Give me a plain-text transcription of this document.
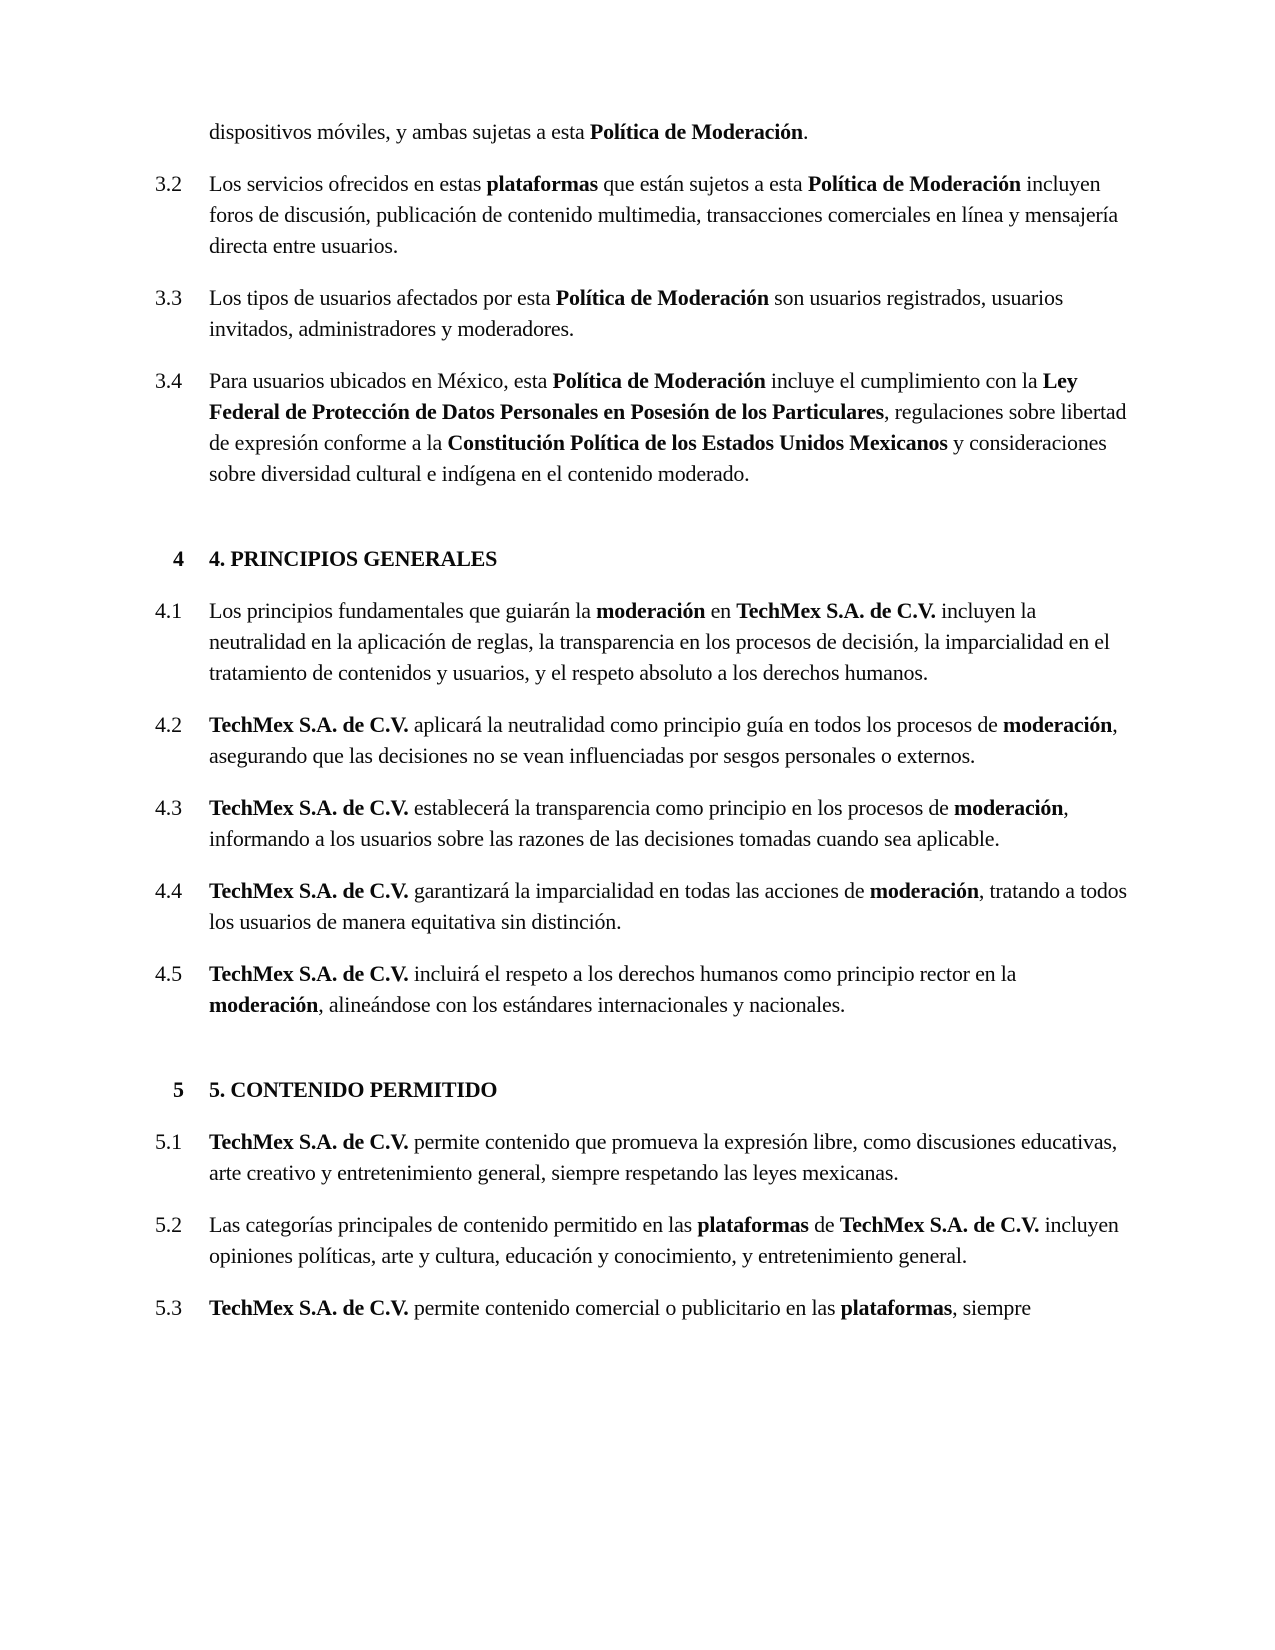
dispositivos móviles, y ambas sujetas a esta Política de Moderación.
3.2	Los servicios ofrecidos en estas plataformas que están sujetos a esta Política de Moderación incluyen foros de discusión, publicación de contenido multimedia, transacciones comerciales en línea y mensajería directa entre usuarios.
3.3	Los tipos de usuarios afectados por esta Política de Moderación son usuarios registrados, usuarios invitados, administradores y moderadores.
3.4	Para usuarios ubicados en México, esta Política de Moderación incluye el cumplimiento con la Ley Federal de Protección de Datos Personales en Posesión de los Particulares, regulaciones sobre libertad de expresión conforme a la Constitución Política de los Estados Unidos Mexicanos y consideraciones sobre diversidad cultural e indígena en el contenido moderado.
4	4. PRINCIPIOS GENERALES
4.1	Los principios fundamentales que guiarán la moderación en TechMex S.A. de C.V. incluyen la neutralidad en la aplicación de reglas, la transparencia en los procesos de decisión, la imparcialidad en el tratamiento de contenidos y usuarios, y el respeto absoluto a los derechos humanos.
4.2	TechMex S.A. de C.V. aplicará la neutralidad como principio guía en todos los procesos de moderación, asegurando que las decisiones no se vean influenciadas por sesgos personales o externos.
4.3	TechMex S.A. de C.V. establecerá la transparencia como principio en los procesos de moderación, informando a los usuarios sobre las razones de las decisiones tomadas cuando sea aplicable.
4.4	TechMex S.A. de C.V. garantizará la imparcialidad en todas las acciones de moderación, tratando a todos los usuarios de manera equitativa sin distinción.
4.5	TechMex S.A. de C.V. incluirá el respeto a los derechos humanos como principio rector en la moderación, alineándose con los estándares internacionales y nacionales.
5	5. CONTENIDO PERMITIDO
5.1	TechMex S.A. de C.V. permite contenido que promueva la expresión libre, como discusiones educativas, arte creativo y entretenimiento general, siempre respetando las leyes mexicanas.
5.2	Las categorías principales de contenido permitido en las plataformas de TechMex S.A. de C.V. incluyen opiniones políticas, arte y cultura, educación y conocimiento, y entretenimiento general.
5.3	TechMex S.A. de C.V. permite contenido comercial o publicitario en las plataformas, siempre
